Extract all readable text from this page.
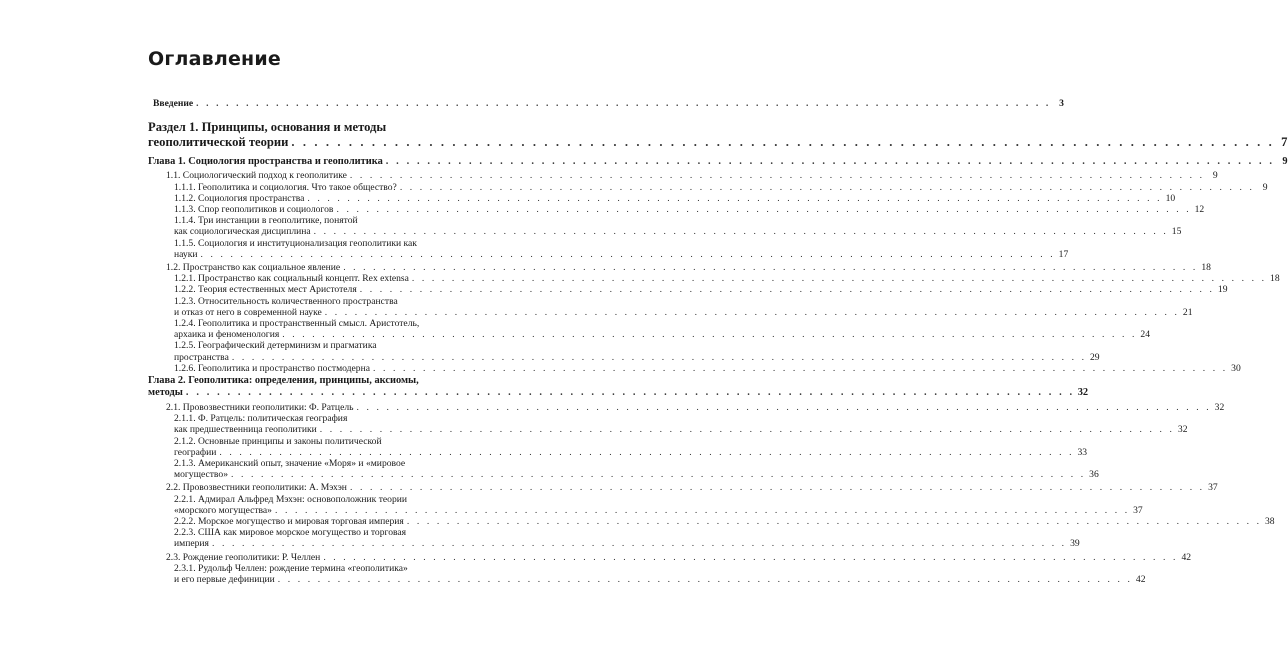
Оглавление
Введение . . . . . . . . . . . . . . . . . . . . . . . . . . . . . . . . . . . . . . . . . . . . . . . . . . . . . . . . . . . . . . . . . . . . . . . . . . . . . . . . . . . . . . 3
Раздел 1. Принципы, основания и методы
геополитической теории . . . . . . . . . . . . . . . . . . . . . . . . . . . . . . . . . . . . . . . . . . . . . . . . . . . . . . . . . . . . . . . . . . . . . . . . . . . . . . . . . . . . . . 7
Глава 1. Социология пространства и геополитика . . . . . . . . . . . . . . . . . . . . . . . . . . . . . . . . . . . . . . . . . . . . . . . . . . . . . . . . . . . . . . . . . . . . . . . . . . . . . . . . . . . . . . 9
1.1. Социологический подход к геополитике . . . . . . . . . . . . . . . . . . . . . . . . . . . . . . . . . . . . . . . . . . . . . . . . . . . . . . . . . . . . . . . . . . . . . . . . . . . . . . . . . . . . . . 9
1.1.1. Геополитика и социология. Что такое общество? . . . . . . . . . . . . . . . . . . . . . . . . . . . . . . . . . . . . . . . . . . . . . . . . . . . . . . . . . . . . . . . . . . . . . . . . . . . . . . . . . . . . . . 9
1.1.2. Социология пространства . . . . . . . . . . . . . . . . . . . . . . . . . . . . . . . . . . . . . . . . . . . . . . . . . . . . . . . . . . . . . . . . . . . . . . . . . . . . . . . . . . . . . . 10
1.1.3. Спор геополитиков и социологов . . . . . . . . . . . . . . . . . . . . . . . . . . . . . . . . . . . . . . . . . . . . . . . . . . . . . . . . . . . . . . . . . . . . . . . . . . . . . . . . . . . . . . 12
1.1.4. Три инстанции в геополитике, понятой
как социологическая дисциплина . . . . . . . . . . . . . . . . . . . . . . . . . . . . . . . . . . . . . . . . . . . . . . . . . . . . . . . . . . . . . . . . . . . . . . . . . . . . . . . . . . . . . . 15
1.1.5. Социология и институционализация геополитики как
науки . . . . . . . . . . . . . . . . . . . . . . . . . . . . . . . . . . . . . . . . . . . . . . . . . . . . . . . . . . . . . . . . . . . . . . . . . . . . . . . . . . . . . . 17
1.2. Пространство как социальное явление . . . . . . . . . . . . . . . . . . . . . . . . . . . . . . . . . . . . . . . . . . . . . . . . . . . . . . . . . . . . . . . . . . . . . . . . . . . . . . . . . . . . . . 18
1.2.1. Пространство как социальный концепт. Rex extensa . . . . . . . . . . . . . . . . . . . . . . . . . . . . . . . . . . . . . . . . . . . . . . . . . . . . . . . . . . . . . . . . . . . . . . . . . . . . . . . . . . . . . . 18
1.2.2. Теория естественных мест Аристотеля . . . . . . . . . . . . . . . . . . . . . . . . . . . . . . . . . . . . . . . . . . . . . . . . . . . . . . . . . . . . . . . . . . . . . . . . . . . . . . . . . . . . . . 19
1.2.3. Относительность количественного пространства
и отказ от него в современной науке . . . . . . . . . . . . . . . . . . . . . . . . . . . . . . . . . . . . . . . . . . . . . . . . . . . . . . . . . . . . . . . . . . . . . . . . . . . . . . . . . . . . . . 21
1.2.4. Геополитика и пространственный смысл. Аристотель,
архаика и феноменология . . . . . . . . . . . . . . . . . . . . . . . . . . . . . . . . . . . . . . . . . . . . . . . . . . . . . . . . . . . . . . . . . . . . . . . . . . . . . . . . . . . . . . 24
1.2.5. Географический детерминизм и прагматика
пространства . . . . . . . . . . . . . . . . . . . . . . . . . . . . . . . . . . . . . . . . . . . . . . . . . . . . . . . . . . . . . . . . . . . . . . . . . . . . . . . . . . . . . . 29
1.2.6. Геополитика и пространство постмодерна . . . . . . . . . . . . . . . . . . . . . . . . . . . . . . . . . . . . . . . . . . . . . . . . . . . . . . . . . . . . . . . . . . . . . . . . . . . . . . . . . . . . . . 30
Глава 2. Геополитика: определения, принципы, аксиомы,
методы . . . . . . . . . . . . . . . . . . . . . . . . . . . . . . . . . . . . . . . . . . . . . . . . . . . . . . . . . . . . . . . . . . . . . . . . . . . . . . . . . . . . . . 32
2.1. Провозвестники геополитики: Ф. Ратцель . . . . . . . . . . . . . . . . . . . . . . . . . . . . . . . . . . . . . . . . . . . . . . . . . . . . . . . . . . . . . . . . . . . . . . . . . . . . . . . . . . . . . . 32
2.1.1. Ф. Ратцель: политическая география
как предшественница геополитики . . . . . . . . . . . . . . . . . . . . . . . . . . . . . . . . . . . . . . . . . . . . . . . . . . . . . . . . . . . . . . . . . . . . . . . . . . . . . . . . . . . . . . 32
2.1.2. Основные принципы и законы политической
географии . . . . . . . . . . . . . . . . . . . . . . . . . . . . . . . . . . . . . . . . . . . . . . . . . . . . . . . . . . . . . . . . . . . . . . . . . . . . . . . . . . . . . . 33
2.1.3. Американский опыт, значение «Моря» и «мировое
могущество» . . . . . . . . . . . . . . . . . . . . . . . . . . . . . . . . . . . . . . . . . . . . . . . . . . . . . . . . . . . . . . . . . . . . . . . . . . . . . . . . . . . . . . 36
2.2. Провозвестники геополитики: А. Мэхэн . . . . . . . . . . . . . . . . . . . . . . . . . . . . . . . . . . . . . . . . . . . . . . . . . . . . . . . . . . . . . . . . . . . . . . . . . . . . . . . . . . . . . . 37
2.2.1. Адмирал Альфред Мэхэн: основоположник теории
«морского могущества» . . . . . . . . . . . . . . . . . . . . . . . . . . . . . . . . . . . . . . . . . . . . . . . . . . . . . . . . . . . . . . . . . . . . . . . . . . . . . . . . . . . . . . 37
2.2.2. Морское могущество и мировая торговая империя . . . . . . . . . . . . . . . . . . . . . . . . . . . . . . . . . . . . . . . . . . . . . . . . . . . . . . . . . . . . . . . . . . . . . . . . . . . . . . . . . . . . . . 38
2.2.3. США как мировое морское могущество и торговая
империя . . . . . . . . . . . . . . . . . . . . . . . . . . . . . . . . . . . . . . . . . . . . . . . . . . . . . . . . . . . . . . . . . . . . . . . . . . . . . . . . . . . . . . 39
2.3. Рождение геополитики: Р. Челлен . . . . . . . . . . . . . . . . . . . . . . . . . . . . . . . . . . . . . . . . . . . . . . . . . . . . . . . . . . . . . . . . . . . . . . . . . . . . . . . . . . . . . . 42
2.3.1. Рудольф Челлен: рождение термина «геополитика»
и его первые дефиниции . . . . . . . . . . . . . . . . . . . . . . . . . . . . . . . . . . . . . . . . . . . . . . . . . . . . . . . . . . . . . . . . . . . . . . . . . . . . . . . . . . . . . . 42
